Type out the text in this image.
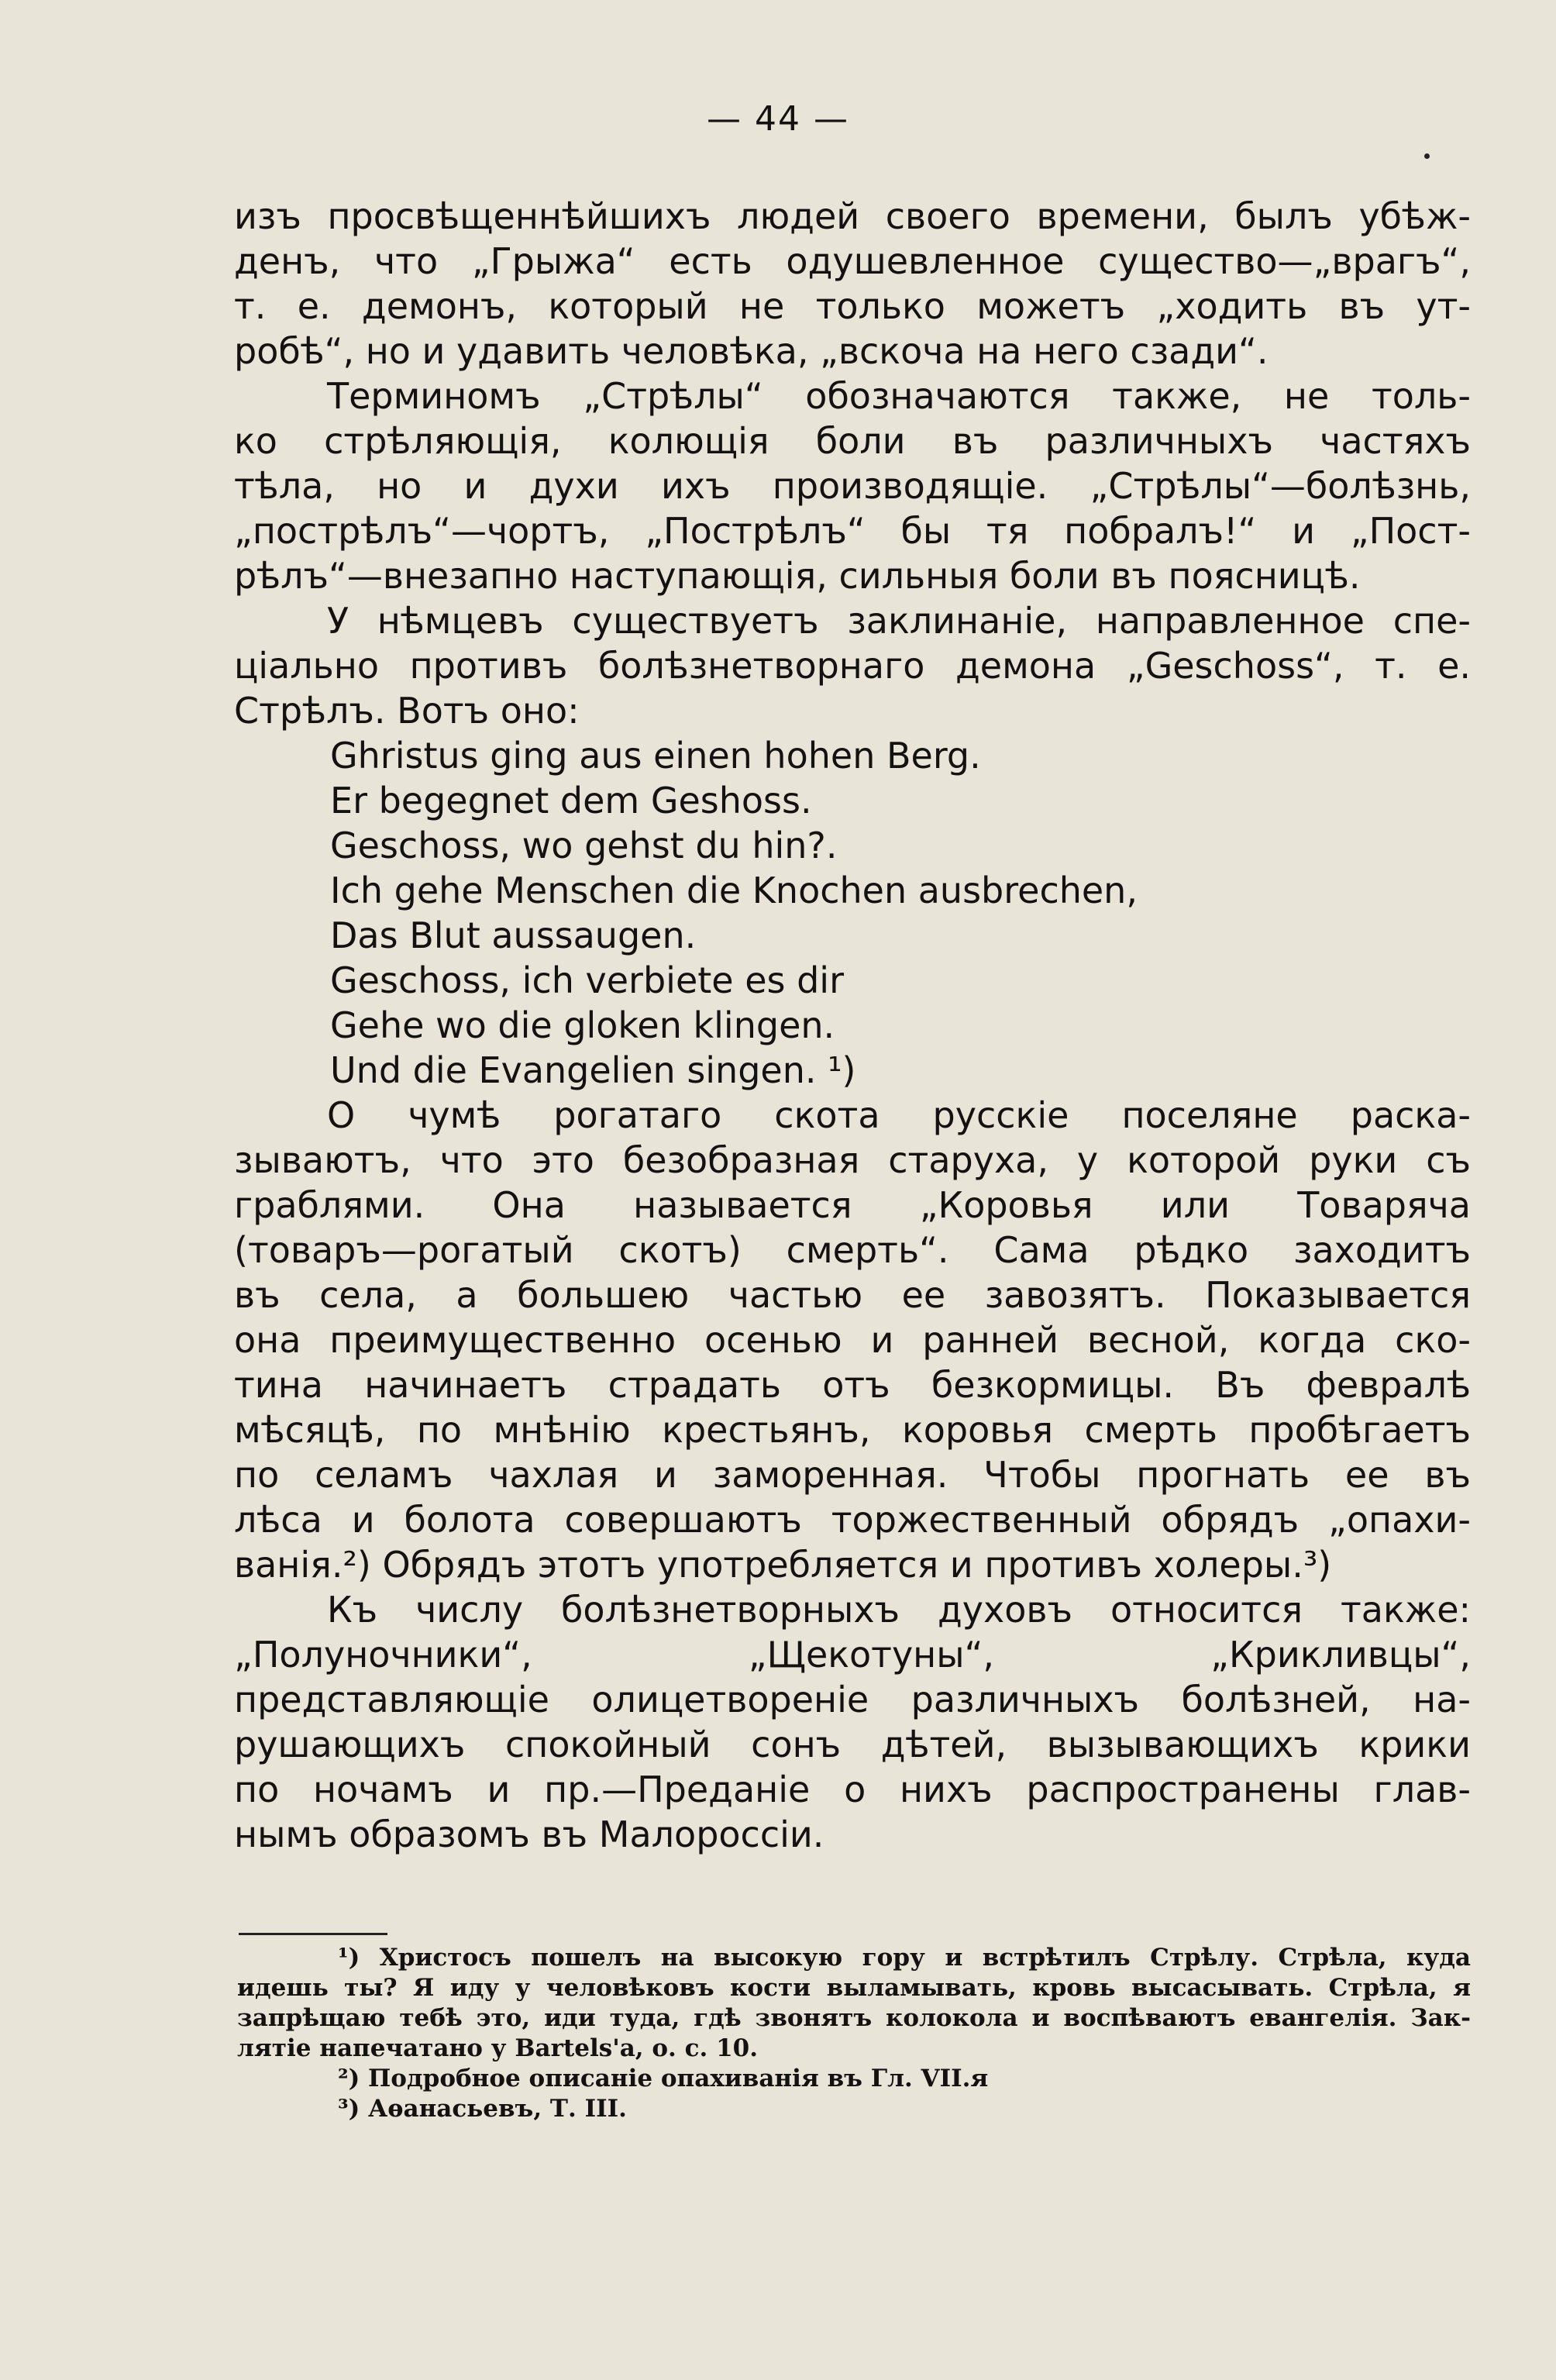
— 44 —
изъ просвѣщеннѣйшихъ людей своего времени, былъ убѣж-
денъ, что „Грыжа“ есть одушевленное существо—„врагъ“,
т. е. демонъ, который не только можетъ „ходить въ ут-
робѣ“, но и удавить человѣка, „вскоча на него сзади“.
Терминомъ „Стрѣлы“ обозначаются также, не толь-
ко стрѣляющія, колющія боли въ различныхъ частяхъ
тѣла, но и духи ихъ производящіе. „Стрѣлы“—болѣзнь,
„пострѣлъ“—чортъ, „Пострѣлъ“ бы тя побралъ!“ и „Пост-
рѣлъ“—внезапно наступающія, сильныя боли въ поясницѣ.
У нѣмцевъ существуетъ заклинаніе, направленное спе-
ціально противъ болѣзнетворнаго демона „Geschoss“, т. е.
Стрѣлъ. Вотъ оно:
Ghristus ging aus einen hohen Berg.
Er begegnet dem Geshoss.
Geschoss, wo gehst du hin?.
Ich gehe Menschen die Knochen ausbrechen,
Das Blut aussaugen.
Geschoss, ich verbiete es dir
Gehe wo die gloken klingen.
Und die Evangelien singen. ¹)
О чумѣ рогатаго скота русскіе поселяне раска-
зываютъ, что это безобразная старуха, у которой руки съ
граблями. Она называется „Коровья или Товаряча
(товаръ—рогатый скотъ) смерть“. Сама рѣдко заходитъ
въ села, а большею частью ее завозятъ. Показывается
она преимущественно осенью и ранней весной, когда ско-
тина начинаетъ страдать отъ безкормицы. Въ февралѣ
мѣсяцѣ, по мнѣнію крестьянъ, коровья смерть пробѣгаетъ
по селамъ чахлая и заморенная. Чтобы прогнать ее въ
лѣса и болота совершаютъ торжественный обрядъ „опахи-
ванія.²) Обрядъ этотъ употребляется и противъ холеры.³)
Къ числу болѣзнетворныхъ духовъ относится также:
„Полуночники“, „Щекотуны“, „Крикливцы“,
представляющіе олицетвореніе различныхъ болѣзней, на-
рушающихъ спокойный сонъ дѣтей, вызывающихъ крики
по ночамъ и пр.—Преданіе о нихъ распространены глав-
нымъ образомъ въ Малороссіи.
¹) Христосъ пошелъ на высокую гору и встрѣтилъ Стрѣлу. Стрѣла, куда
идешь ты? Я иду у человѣковъ кости выламывать, кровь высасывать. Стрѣла, я
запрѣщаю тебѣ это, иди туда, гдѣ звонятъ колокола и воспѣваютъ евангелія. Зак-
лятіе напечатано у Bartels'а, о. с. 10.
²) Подробное описаніе опахиванія въ Гл. VII.я
³) Аѳанасьевъ, Т. III.
